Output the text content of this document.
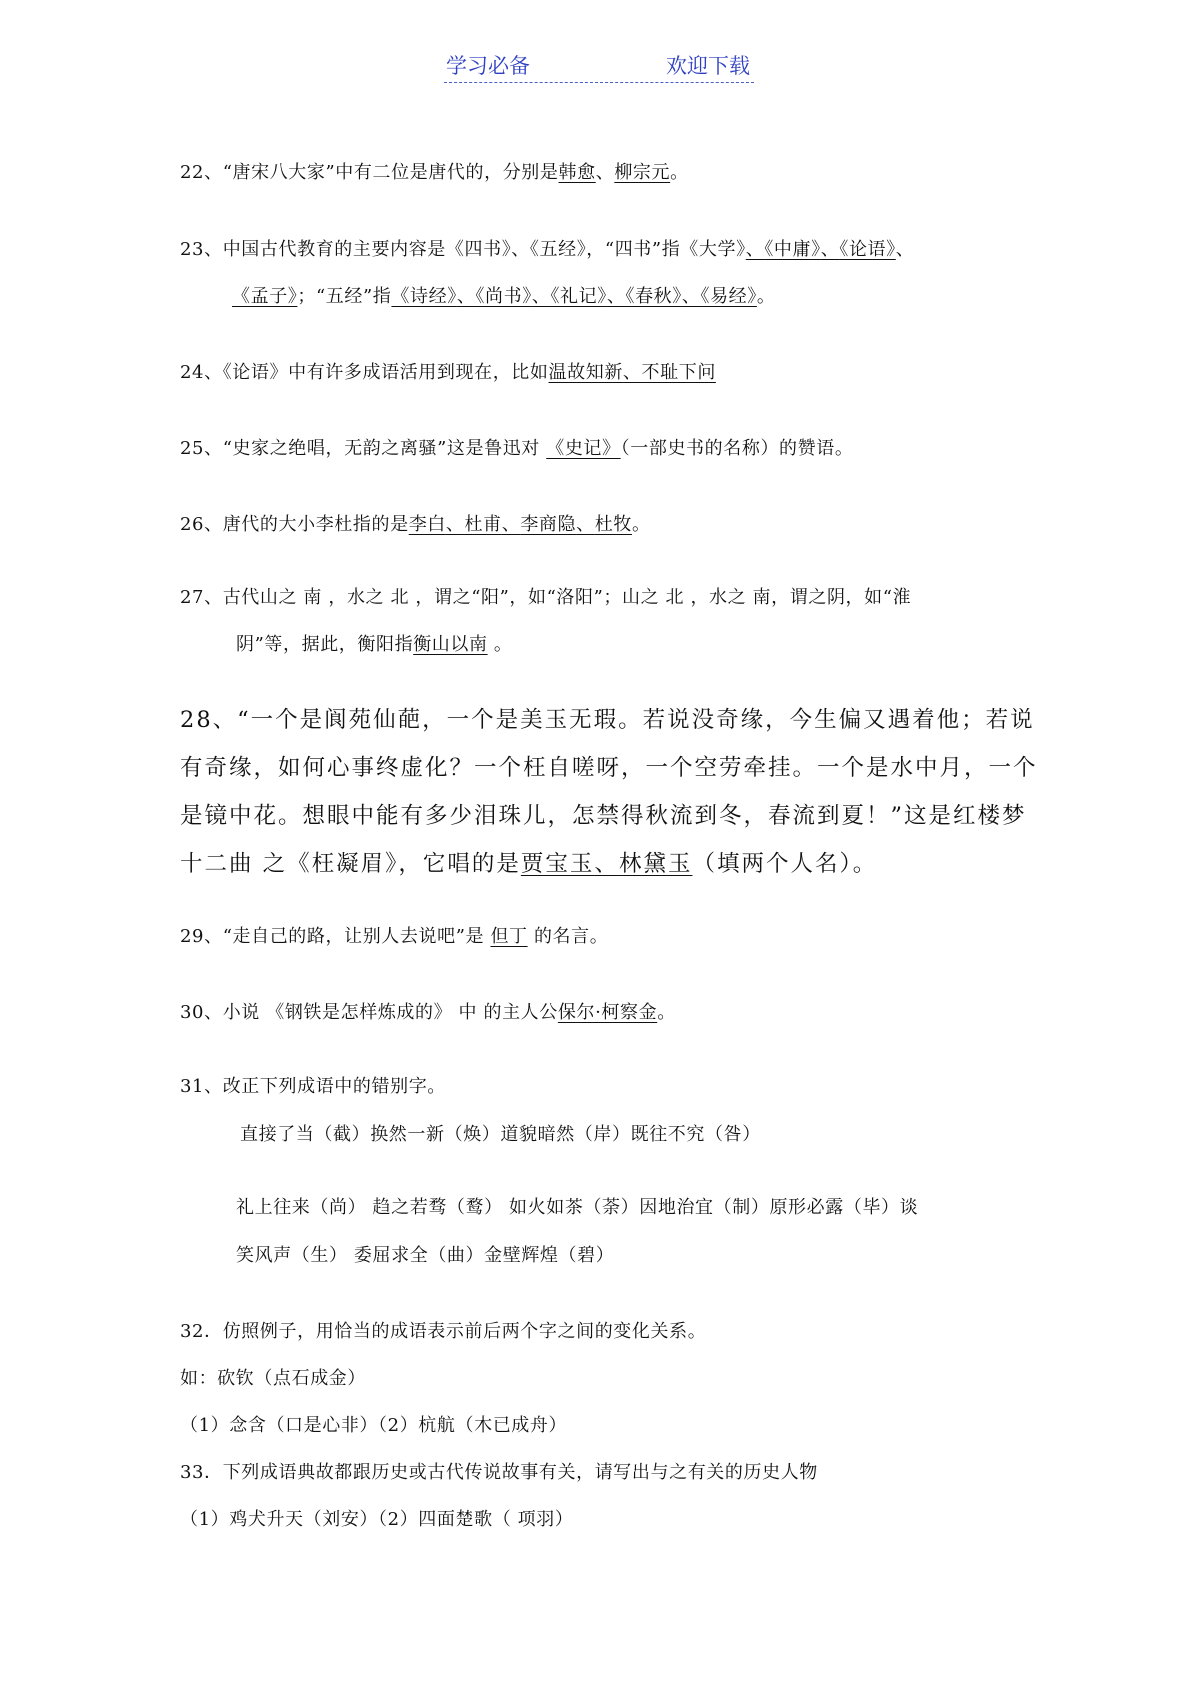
学习必备	欢迎下载
22、“唐宋八大家”中有二位是唐代的，分别是韩愈、柳宗元。
23、中国古代教育的主要内容是《四书》、《五经》，“四书”指《大学》、《中庸》、《论语》、
《孟子》；“五经”指《诗经》、《尚书》、《礼记》、《春秋》、《易经》。
24、《论语》中有许多成语活用到现在，比如温故知新、不耻下问
25、“史家之绝唱，无韵之离骚”这是鲁迅对 《史记》（一部史书的名称）的赞语。
26、唐代的大小李杜指的是李白、杜甫、李商隐、杜牧。
27、古代山之 南 ，水之 北 ，谓之“阳”，如“洛阳”；山之 北 ，水之 南，谓之阴，如“淮
阴”等，据此，衡阳指衡山以南 。
28、“一个是阆苑仙葩，一个是美玉无瑕。若说没奇缘，今生偏又遇着他；若说
有奇缘，如何心事终虚化？一个枉自嗟呀，一个空劳牵挂。一个是水中月，一个
是镜中花。想眼中能有多少泪珠儿，怎禁得秋流到冬，春流到夏！”这是红楼梦
十二曲 之《枉凝眉》，它唱的是贾宝玉、林黛玉（填两个人名）。
29、“走自己的路，让别人去说吧”是 但丁 的名言。
30、小说 《钢铁是怎样炼成的》 中 的主人公保尔·柯察金。
31、改正下列成语中的错别字。
直接了当（截）换然一新（焕）道貌暗然（岸）既往不究（咎）
礼上往来（尚） 趋之若骛（鹜） 如火如茶（荼）因地治宜（制）原形必露（毕）谈
笑风声（生） 委屈求全（曲）金壁辉煌（碧）
32．仿照例子，用恰当的成语表示前后两个字之间的变化关系。
如：砍钦（点石成金）
（1）念含（口是心非）（2）杭航（木已成舟）
33．下列成语典故都跟历史或古代传说故事有关，请写出与之有关的历史人物
（1）鸡犬升天（刘安）（2）四面楚歌（ 项羽）
